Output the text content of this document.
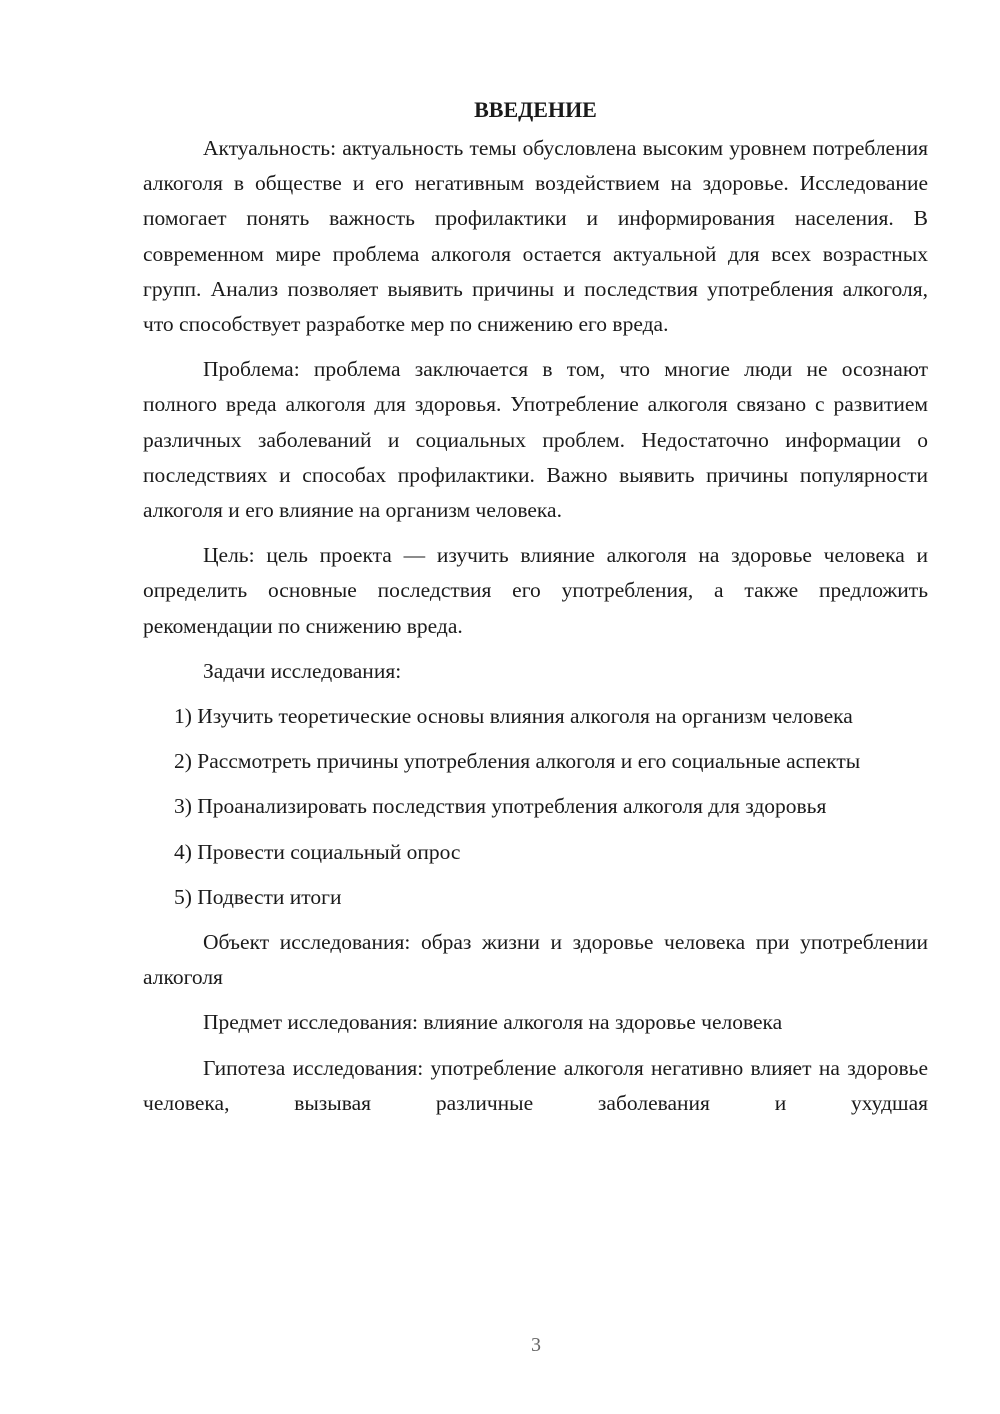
ВВЕДЕНИЕ

Актуальность: актуальность темы обусловлена высоким уровнем потребления алкоголя в обществе и его негативным воздействием на здоровье. Исследование помогает понять важность профилактики и информирования населения. В современном мире проблема алкоголя остается актуальной для всех возрастных групп. Анализ позволяет выявить причины и последствия употребления алкоголя, что способствует разработке мер по снижению его вреда.

Проблема: проблема заключается в том, что многие люди не осознают полного вреда алкоголя для здоровья. Употребление алкоголя связано с развитием различных заболеваний и социальных проблем. Недостаточно информации о последствиях и способах профилактики. Важно выявить причины популярности алкоголя и его влияние на организм человека.

Цель: цель проекта — изучить влияние алкоголя на здоровье человека и определить основные последствия его употребления, а также предложить рекомендации по снижению вреда.

Задачи исследования:

1) Изучить теоретические основы влияния алкоголя на организм человека

2) Рассмотреть причины употребления алкоголя и его социальные аспекты

3) Проанализировать последствия употребления алкоголя для здоровья

4) Провести социальный опрос

5) Подвести итоги

Объект исследования: образ жизни и здоровье человека при употреблении алкоголя

Предмет исследования: влияние алкоголя на здоровье человека

Гипотеза исследования: употребление алкоголя негативно влияет на здоровье человека, вызывая различные заболевания и ухудшая

3
